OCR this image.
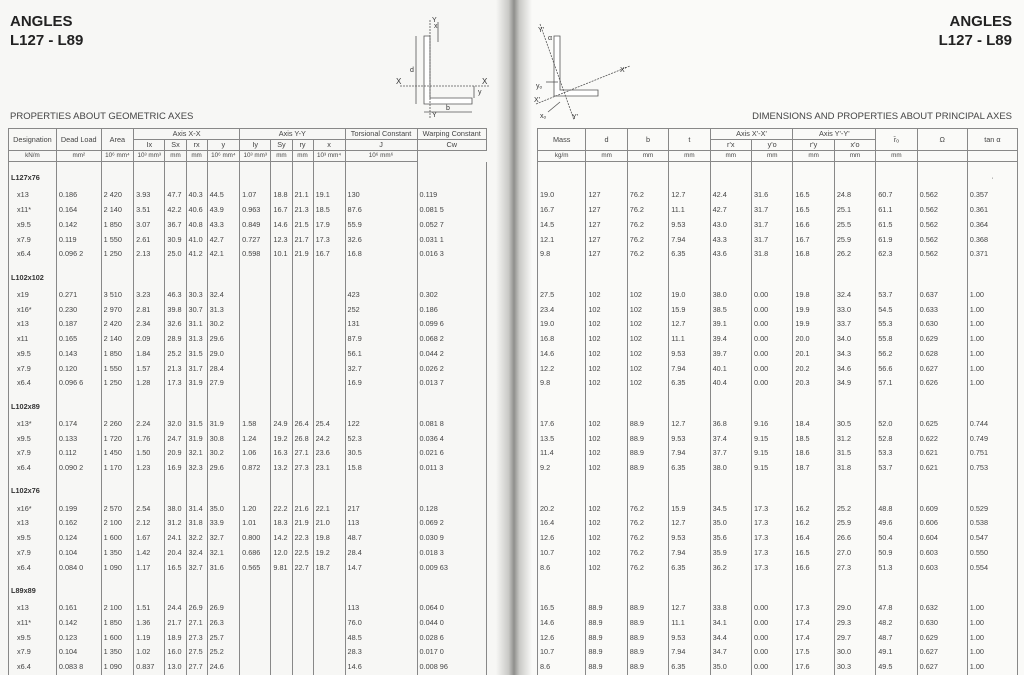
ANGLES
L127 - L89
X	X
Y
Y
y
x
d
b
PROPERTIES ABOUT GEOMETRIC AXES
Designation	Dead Load	Area	Axis X-X				Axis Y-Y				Torsional Constant	Warping Constant
			Ix	Sx	rx	y	Iy	Sy	ry	x	J	Cw
kN/m	mm²	10⁶ mm⁴	10³ mm³	mm	mm	10⁶ mm⁴	10³ mm³	mm	mm	10³ mm⁴	10⁶ mm⁶	
L127x76												
x13	0.186	2 420	3.93	47.7	40.3	44.5	1.07	18.8	21.1	19.1	130	0.119
x11*	0.164	2 140	3.51	42.2	40.6	43.9	0.963	16.7	21.3	18.5	87.6	0.081 5
x9.5	0.142	1 850	3.07	36.7	40.8	43.3	0.849	14.6	21.5	17.9	55.9	0.052 7
x7.9	0.119	1 550	2.61	30.9	41.0	42.7	0.727	12.3	21.7	17.3	32.6	0.031 1
x6.4	0.096 2	1 250	2.13	25.0	41.2	42.1	0.598	10.1	21.9	16.7	16.8	0.016 3
L102x102												
x19	0.271	3 510	3.23	46.3	30.3	32.4					423	0.302
x16*	0.230	2 970	2.81	39.8	30.7	31.3					252	0.186
x13	0.187	2 420	2.34	32.6	31.1	30.2					131	0.099 6
x11	0.165	2 140	2.09	28.9	31.3	29.6					87.9	0.068 2
x9.5	0.143	1 850	1.84	25.2	31.5	29.0					56.1	0.044 2
x7.9	0.120	1 550	1.57	21.3	31.7	28.4					32.7	0.026 2
x6.4	0.096 6	1 250	1.28	17.3	31.9	27.9					16.9	0.013 7
L102x89												
x13*	0.174	2 260	2.24	32.0	31.5	31.9	1.58	24.9	26.4	25.4	122	0.081 8
x9.5	0.133	1 720	1.76	24.7	31.9	30.8	1.24	19.2	26.8	24.2	52.3	0.036 4
x7.9	0.112	1 450	1.50	20.9	32.1	30.2	1.06	16.3	27.1	23.6	30.5	0.021 6
x6.4	0.090 2	1 170	1.23	16.9	32.3	29.6	0.872	13.2	27.3	23.1	15.8	0.011 3
L102x76												
x16*	0.199	2 570	2.54	38.0	31.4	35.0	1.20	22.2	21.6	22.1	217	0.128
x13	0.162	2 100	2.12	31.2	31.8	33.9	1.01	18.3	21.9	21.0	113	0.069 2
x9.5	0.124	1 600	1.67	24.1	32.2	32.7	0.800	14.2	22.3	19.8	48.7	0.030 9
x7.9	0.104	1 350	1.42	20.4	32.4	32.1	0.686	12.0	22.5	19.2	28.4	0.018 3
x6.4	0.084 0	1 090	1.17	16.5	32.7	31.6	0.565	9.81	22.7	18.7	14.7	0.009 63
L89x89												
x13	0.161	2 100	1.51	24.4	26.9	26.9					113	0.064 0
x11*	0.142	1 850	1.36	21.7	27.1	26.3					76.0	0.044 0
x9.5	0.123	1 600	1.19	18.9	27.3	25.7					48.5	0.028 6
x7.9	0.104	1 350	1.02	16.0	27.5	25.2					28.3	0.017 0
x6.4	0.083 8	1 090	0.837	13.0	27.7	24.6					14.6	0.008 96

ANGLES
L127 - L89
Y'
α
X'
X'
Y'
yₒ
xₒ	DIMENSIONS AND PROPERTIES ABOUT PRINCIPAL AXES
Mass	d	b	t	Axis X'-X'		Axis Y'-Y'		r̄ₒ	Ω	tan α
				r'x	y'o	r'y	x'o			
kg/m	mm	mm	mm	mm	mm	mm	mm	mm		
										·
19.0	127	76.2	12.7	42.4	31.6	16.5	24.8	60.7	0.562	0.357
16.7	127	76.2	11.1	42.7	31.7	16.5	25.1	61.1	0.562	0.361
14.5	127	76.2	9.53	43.0	31.7	16.6	25.5	61.5	0.562	0.364
12.1	127	76.2	7.94	43.3	31.7	16.7	25.9	61.9	0.562	0.368
9.8	127	76.2	6.35	43.6	31.8	16.8	26.2	62.3	0.562	0.371

27.5	102	102	19.0	38.0	0.00	19.8	32.4	53.7	0.637	1.00
23.4	102	102	15.9	38.5	0.00	19.9	33.0	54.5	0.633	1.00
19.0	102	102	12.7	39.1	0.00	19.9	33.7	55.3	0.630	1.00
16.8	102	102	11.1	39.4	0.00	20.0	34.0	55.8	0.629	1.00
14.6	102	102	9.53	39.7	0.00	20.1	34.3	56.2	0.628	1.00
12.2	102	102	7.94	40.1	0.00	20.2	34.6	56.6	0.627	1.00
9.8	102	102	6.35	40.4	0.00	20.3	34.9	57.1	0.626	1.00

17.6	102	88.9	12.7	36.8	9.16	18.4	30.5	52.0	0.625	0.744
13.5	102	88.9	9.53	37.4	9.15	18.5	31.2	52.8	0.622	0.749
11.4	102	88.9	7.94	37.7	9.15	18.6	31.5	53.3	0.621	0.751
9.2	102	88.9	6.35	38.0	9.15	18.7	31.8	53.7	0.621	0.753

20.2	102	76.2	15.9	34.5	17.3	16.2	25.2	48.8	0.609	0.529
16.4	102	76.2	12.7	35.0	17.3	16.2	25.9	49.6	0.606	0.538
12.6	102	76.2	9.53	35.6	17.3	16.4	26.6	50.4	0.604	0.547
10.7	102	76.2	7.94	35.9	17.3	16.5	27.0	50.9	0.603	0.550
8.6	102	76.2	6.35	36.2	17.3	16.6	27.3	51.3	0.603	0.554

16.5	88.9	88.9	12.7	33.8	0.00	17.3	29.0	47.8	0.632	1.00
14.6	88.9	88.9	11.1	34.1	0.00	17.4	29.3	48.2	0.630	1.00
12.6	88.9	88.9	9.53	34.4	0.00	17.4	29.7	48.7	0.629	1.00
10.7	88.9	88.9	7.94	34.7	0.00	17.5	30.0	49.1	0.627	1.00
8.6	88.9	88.9	6.35	35.0	0.00	17.6	30.3	49.5	0.627	1.00
